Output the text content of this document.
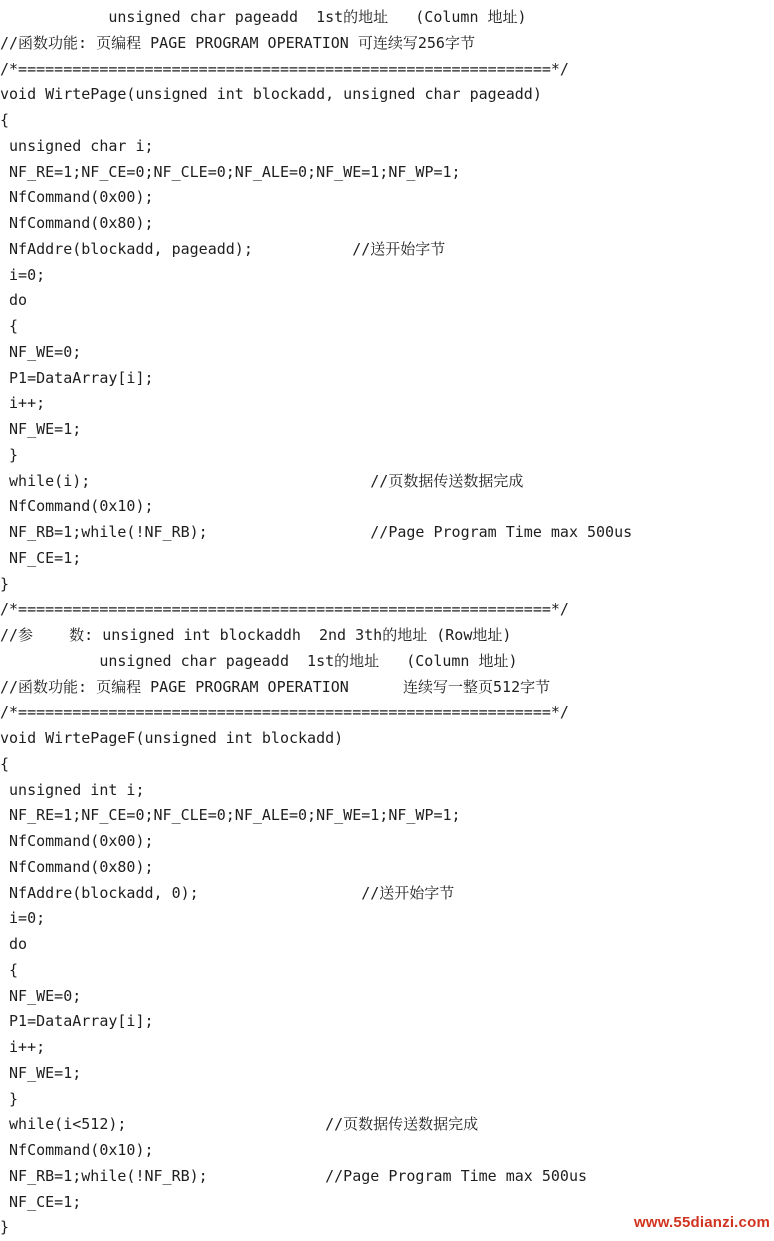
unsigned char pageadd  1st的地址   (Column 地址)
//函数功能: 页编程 PAGE PROGRAM OPERATION 可连续写256字节
/*===========================================================*/
void WirtePage(unsigned int blockadd, unsigned char pageadd)
{
unsigned char i;
NF_RE=1;NF_CE=0;NF_CLE=0;NF_ALE=0;NF_WE=1;NF_WP=1;
NfCommand(0x00);
NfCommand(0x80);
NfAddre(blockadd, pageadd);           //送开始字节
i=0;
do
{
NF_WE=0;
P1=DataArray[i];
i++;
NF_WE=1;
}
while(i);                               //页数据传送数据完成
NfCommand(0x10);
NF_RB=1;while(!NF_RB);                  //Page Program Time max 500us
NF_CE=1;
}
/*===========================================================*/
//参    数: unsigned int blockaddh  2nd 3th的地址 (Row地址)
unsigned char pageadd  1st的地址   (Column 地址)
//函数功能: 页编程 PAGE PROGRAM OPERATION      连续写一整页512字节
/*===========================================================*/
void WirtePageF(unsigned int blockadd)
{
unsigned int i;
NF_RE=1;NF_CE=0;NF_CLE=0;NF_ALE=0;NF_WE=1;NF_WP=1;
NfCommand(0x00);
NfCommand(0x80);
NfAddre(blockadd, 0);                  //送开始字节
i=0;
do
{
NF_WE=0;
P1=DataArray[i];
i++;
NF_WE=1;
}
while(i<512);                      //页数据传送数据完成
NfCommand(0x10);
NF_RB=1;while(!NF_RB);             //Page Program Time max 500us
NF_CE=1;
}	www.55dianzi.com
